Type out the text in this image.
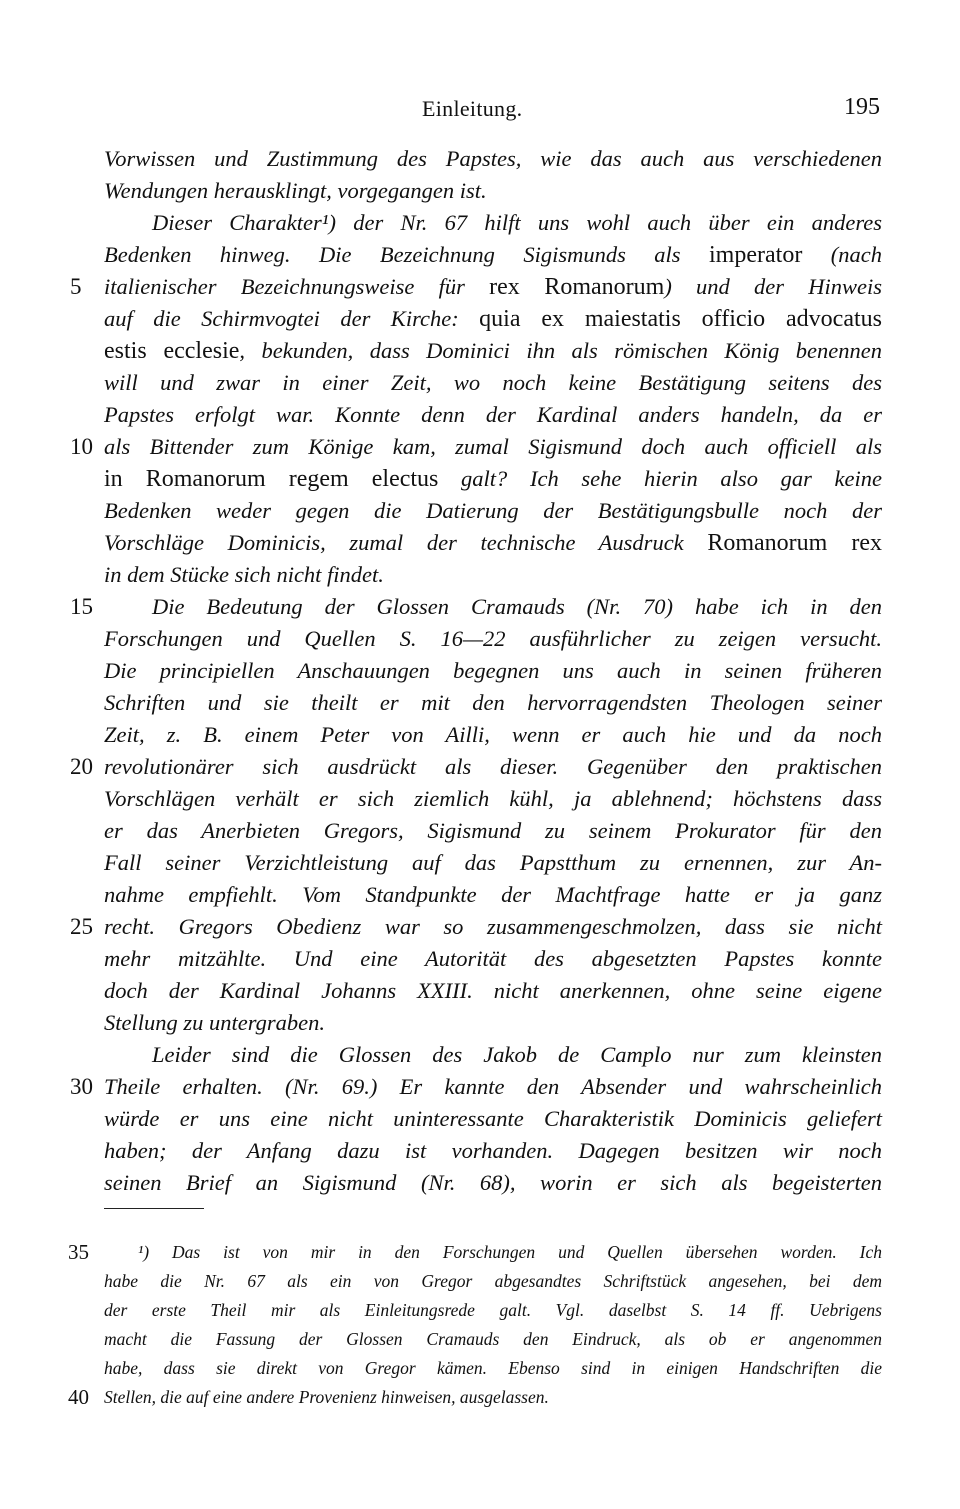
Einleitung.	195
Vorwissen und Zustimmung des Papstes, wie das auch aus verschiedenen
Wendungen herausklingt, vorgegangen ist.
Dieser Charakter¹) der Nr. 67 hilft uns wohl auch über ein anderes
Bedenken hinweg. Die Bezeichnung Sigismunds als imperator (nach
5 italienischer Bezeichnungsweise für rex Romanorum) und der Hinweis
auf die Schirmvogtei der Kirche: quia ex maiestatis officio advocatus
estis ecclesie, bekunden, dass Dominici ihn als römischen König benennen
will und zwar in einer Zeit, wo noch keine Bestätigung seitens des
Papstes erfolgt war. Konnte denn der Kardinal anders handeln, da er
10 als Bittender zum Könige kam, zumal Sigismund doch auch officiell als
in Romanorum regem electus galt? Ich sehe hierin also gar keine
Bedenken weder gegen die Datierung der Bestätigungsbulle noch der
Vorschläge Dominicis, zumal der technische Ausdruck Romanorum rex
in dem Stücke sich nicht findet.
15	Die Bedeutung der Glossen Cramauds (Nr. 70) habe ich in den
Forschungen und Quellen S. 16—22 ausführlicher zu zeigen versucht.
Die principiellen Anschauungen begegnen uns auch in seinen früheren
Schriften und sie theilt er mit den hervorragendsten Theologen seiner
Zeit, z. B. einem Peter von Ailli, wenn er auch hie und da noch
20 revolutionärer sich ausdrückt als dieser. Gegenüber den praktischen
Vorschlägen verhält er sich ziemlich kühl, ja ablehnend; höchstens dass
er das Anerbieten Gregors, Sigismund zu seinem Prokurator für den
Fall seiner Verzichtleistung auf das Papstthum zu ernennen, zur An-
nahme empfiehlt. Vom Standpunkte der Machtfrage hatte er ja ganz
25 recht. Gregors Obedienz war so zusammengeschmolzen, dass sie nicht
mehr mitzählte. Und eine Autorität des abgesetzten Papstes konnte
doch der Kardinal Johanns XXIII. nicht anerkennen, ohne seine eigene
Stellung zu untergraben.
Leider sind die Glossen des Jakob de Camplo nur zum kleinsten
30 Theile erhalten. (Nr. 69.) Er kannte den Absender und wahrscheinlich
würde er uns eine nicht uninteressante Charakteristik Dominicis geliefert
haben; der Anfang dazu ist vorhanden. Dagegen besitzen wir noch
seinen Brief an Sigismund (Nr. 68), worin er sich als begeisterten
35	¹) Das ist von mir in den Forschungen und Quellen übersehen worden. Ich
habe die Nr. 67 als ein von Gregor abgesandtes Schriftstück angesehen, bei dem
der erste Theil mir als Einleitungsrede galt. Vgl. daselbst S. 14 ff. Uebrigens
macht die Fassung der Glossen Cramauds den Eindruck, als ob er angenommen
habe, dass sie direkt von Gregor kämen. Ebenso sind in einigen Handschriften die
40 Stellen, die auf eine andere Provenienz hinweisen, ausgelassen.
